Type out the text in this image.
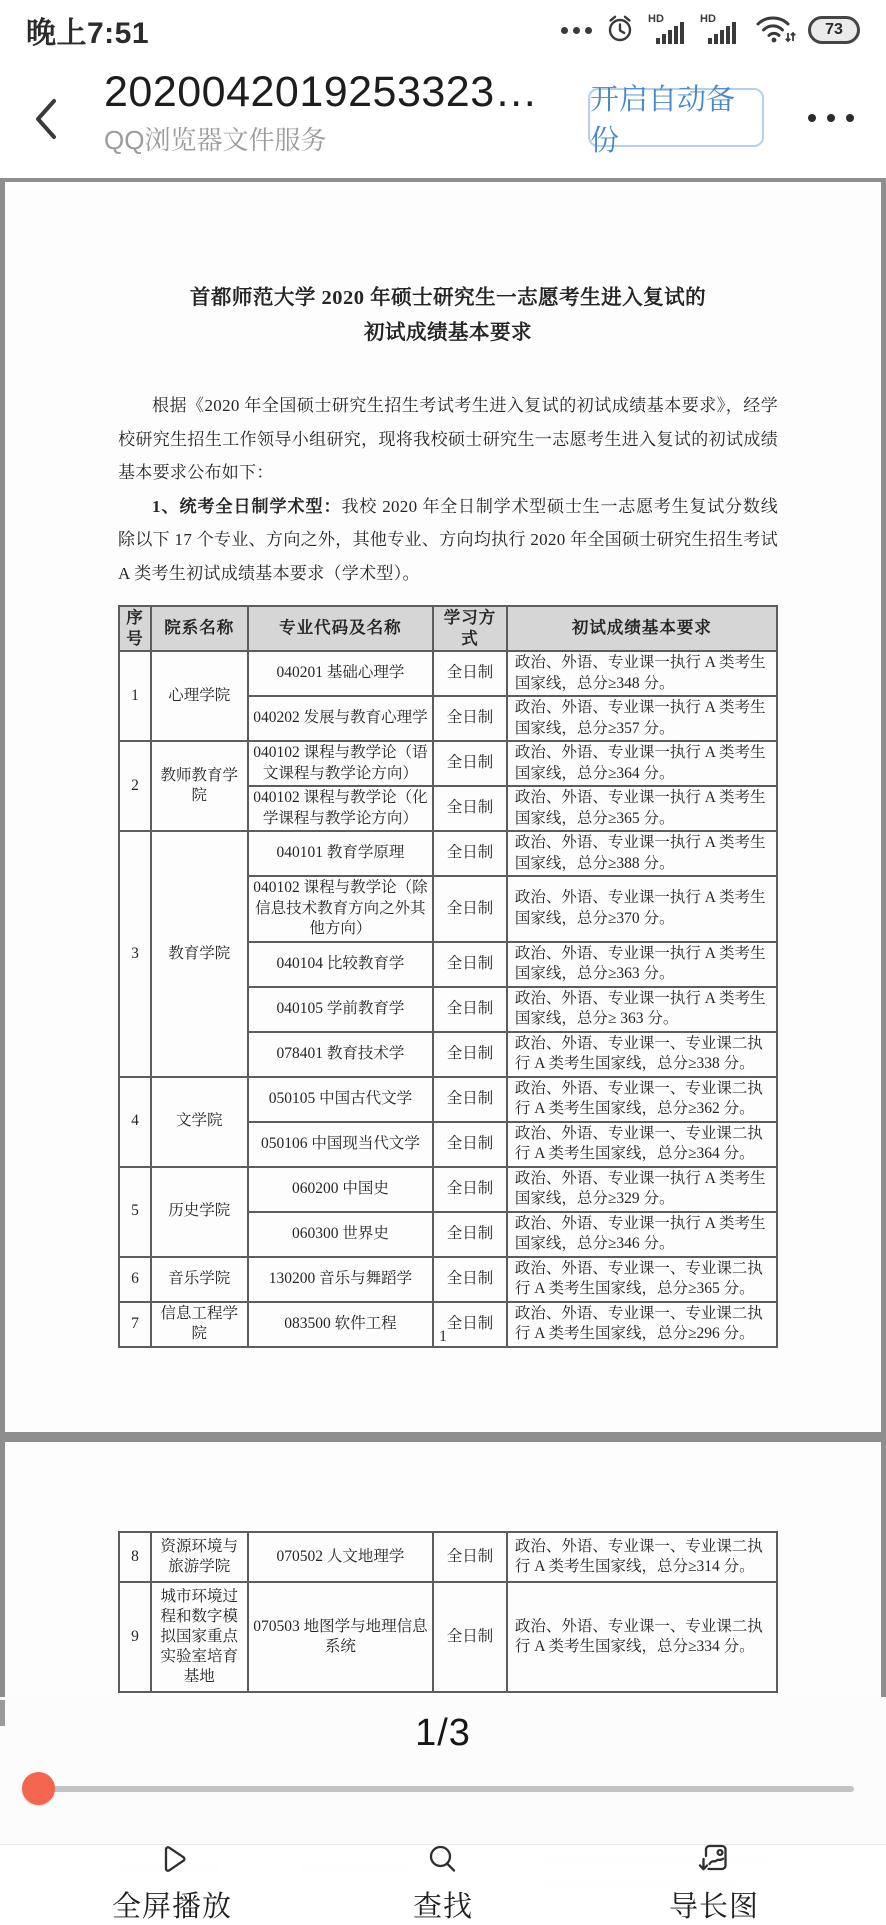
晚上7:51	HD	HD
73
2020042019253323…
QQ浏览器文件服务
开启自动备份
首都师范大学 2020 年硕士研究生一志愿考生进入复试的
初试成绩基本要求

根据《2020 年全国硕士研究生招生考试考生进入复试的初试成绩基本要求》，经学校研究生招生工作领导小组研究，现将我校硕士研究生一志愿考生进入复试的初试成绩基本要求公布如下：

1、统考全日制学术型：我校 2020 年全日制学术型硕士生一志愿考生复试分数线除以下 17 个专业、方向之外，其他专业、方向均执行 2020 年全国硕士研究生招生考试 A 类考生初试成绩基本要求（学术型）。

序号	院系名称	专业代码及名称	学习方式	初试成绩基本要求
1	心理学院	040201 基础心理学	全日制	政治、外语、专业课一执行 A 类考生国家线，总分≥348 分。
		040202 发展与教育心理学	全日制	政治、外语、专业课一执行 A 类考生国家线，总分≥357 分。
2	教师教育学院	040102 课程与教学论（语文课程与教学论方向）	全日制	政治、外语、专业课一执行 A 类考生国家线，总分≥364 分。
		040102 课程与教学论（化学课程与教学论方向）	全日制	政治、外语、专业课一执行 A 类考生国家线，总分≥365 分。
3	教育学院	040101 教育学原理	全日制	政治、外语、专业课一执行 A 类考生国家线，总分≥388 分。
		040102 课程与教学论（除信息技术教育方向之外其他方向）	全日制	政治、外语、专业课一执行 A 类考生国家线，总分≥370 分。
		040104 比较教育学	全日制	政治、外语、专业课一执行 A 类考生国家线，总分≥363 分。
		040105 学前教育学	全日制	政治、外语、专业课一执行 A 类考生国家线，总分≥ 363 分。
		078401 教育技术学	全日制	政治、外语、专业课一、专业课二执行 A 类考生国家线，总分≥338 分。
4	文学院	050105 中国古代文学	全日制	政治、外语、专业课一、专业课二执行 A 类考生国家线，总分≥362 分。
		050106 中国现当代文学	全日制	政治、外语、专业课一、专业课二执行 A 类考生国家线，总分≥364 分。
5	历史学院	060200 中国史	全日制	政治、外语、专业课一执行 A 类考生国家线，总分≥329 分。
		060300 世界史	全日制	政治、外语、专业课一执行 A 类考生国家线，总分≥346 分。
6	音乐学院	130200 音乐与舞蹈学	全日制	政治、外语、专业课一、专业课二执行 A 类考生国家线，总分≥365 分。
7	信息工程学院	083500 软件工程	全日制	政治、外语、专业课一、专业课二执行 A 类考生国家线，总分≥296 分。
1
8	资源环境与旅游学院	070502 人文地理学	全日制	政治、外语、专业课一、专业课二执行 A 类考生国家线，总分≥314 分。
9	城市环境过程和数字模拟国家重点实验室培育基地	070503 地图学与地理信息系统	全日制	政治、外语、专业课一、专业课二执行 A 类考生国家线，总分≥334 分。
1/3
全屏播放	查找	导长图
